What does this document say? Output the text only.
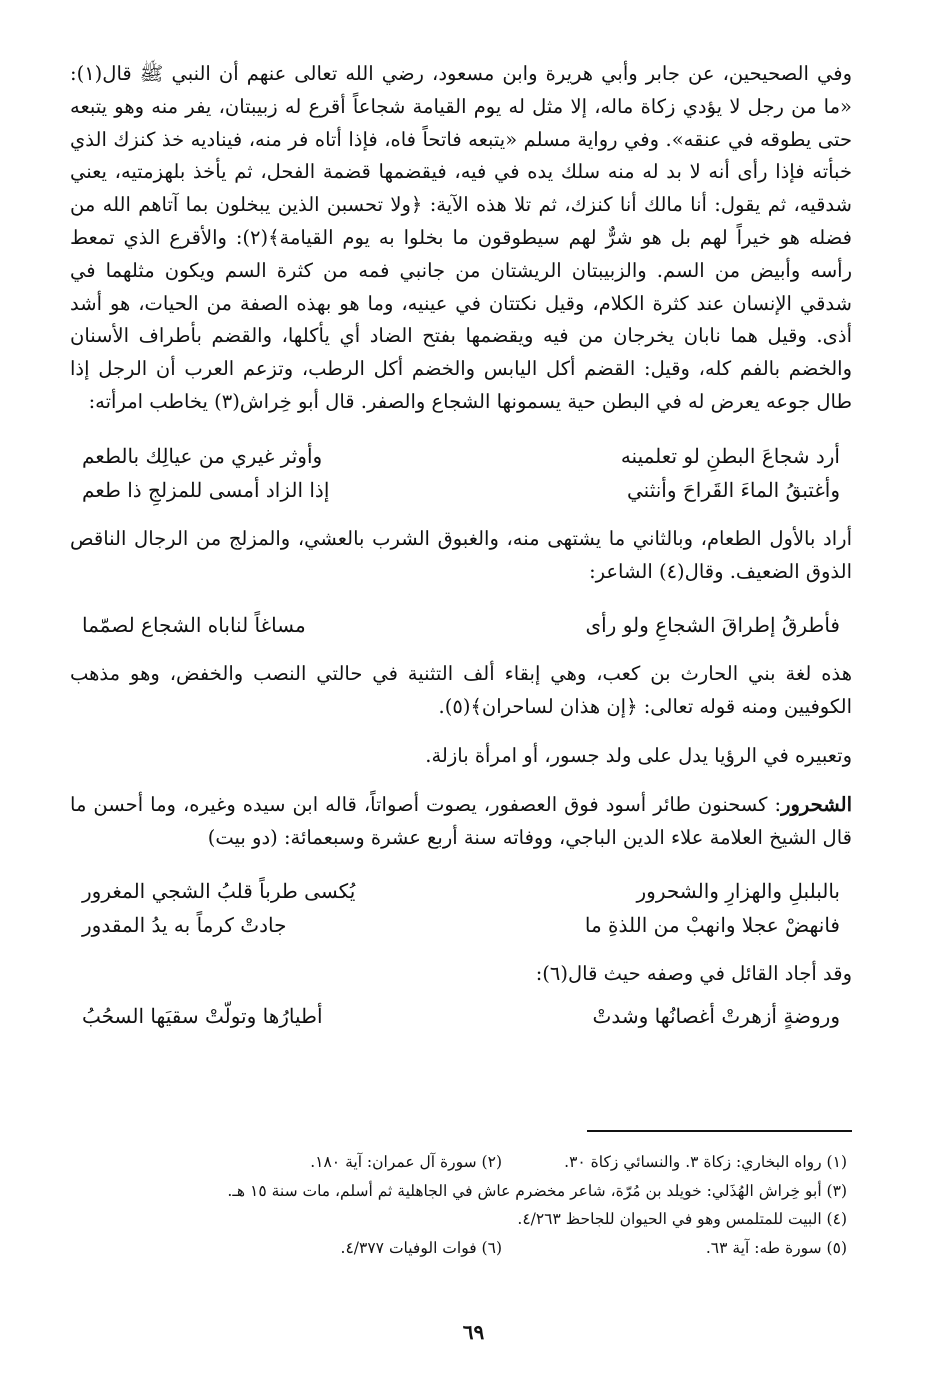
وفي الصحيحين، عن جابر وأبي هريرة وابن مسعود، رضي الله تعالى عنهم أن النبي ﷺ قال(١): «ما من رجل لا يؤدي زكاة ماله، إلا مثل له يوم القيامة شجاعاً أقرع له زبيبتان، يفر منه وهو يتبعه حتى يطوقه في عنقه». وفي رواية مسلم «يتبعه فاتحاً فاه، فإذا أتاه فر منه، فيناديه خذ كنزك الذي خبأته فإذا رأى أنه لا بد له منه سلك يده في فيه، فيقضمها قضمة الفحل، ثم يأخذ بلهزمتيه، يعني شدقيه، ثم يقول: أنا مالك أنا كنزك، ثم تلا هذه الآية: ﴿ولا تحسبن الذين يبخلون بما آتاهم الله من فضله هو خيراً لهم بل هو شرٌّ لهم سيطوقون ما بخلوا به يوم القيامة﴾(٢): والأقرع الذي تمعط رأسه وأبيض من السم. والزبيبتان الريشتان من جانبي فمه من كثرة السم ويكون مثلهما في شدقي الإنسان عند كثرة الكلام، وقيل نكتتان في عينيه، وما هو بهذه الصفة من الحيات، هو أشد أذى. وقيل هما نابان يخرجان من فيه ويقضمها بفتح الضاد أي يأكلها، والقضم بأطراف الأسنان والخضم بالفم كله، وقيل: القضم أكل اليابس والخضم أكل الرطب، وتزعم العرب أن الرجل إذا طال جوعه يعرض له في البطن حية يسمونها الشجاع والصفر. قال أبو خِراش(٣) يخاطب امرأته:

أرد شجاعَ البطنِ لو تعلمينه
وأوثر غيري من عيالِك بالطعم
وأغتبقُ الماءَ القَراحَ وأنثني
إذا الزاد أمسى للمزلجِ ذا طعم

أراد بالأول الطعام، وبالثاني ما يشتهى منه، والغبوق الشرب بالعشي، والمزلج من الرجال الناقص الذوق الضعيف. وقال(٤) الشاعر:

فأطرقُ إطراقَ الشجاعِ ولو رأى
مساغاً لناباه الشجاع لصمّما

هذه لغة بني الحارث بن كعب، وهي إبقاء ألف التثنية في حالتي النصب والخفض، وهو مذهب الكوفيين ومنه قوله تعالى: ﴿إن هذان لساحران﴾(٥).

وتعبيره في الرؤيا يدل على ولد جسور، أو امرأة بازلة.

الشحرور: كسحنون طائر أسود فوق العصفور، يصوت أصواتاً، قاله ابن سيده وغيره، وما أحسن ما قال الشيخ العلامة علاء الدين الباجي، ووفاته سنة أربع عشرة وسبعمائة: (دو بيت)

بالبلبلِ والهزارِ والشحرور
يُكسى طرباً قلبُ الشجي المغرور
فانهضْ عجلا وانهبْ من اللذةِ ما
جادتْ كرماً به يدُ المقدور

وقد أجاد القائل في وصفه حيث قال(٦):

وروضةٍ أزهرتْ أغصانُها وشدتْ
أطيارُها وتولّتْ سقيَها السحُبُ
(١) رواه البخاري: زكاة ٣. والنسائي زكاة ٣٠.
(٢) سورة آل عمران: آية ١٨٠.
(٣) أبو خِراش الهُذَلي: خويلد بن مُرّة، شاعر مخضرم عاش في الجاهلية ثم أسلم، مات سنة ١٥ هـ.
(٤) البيت للمتلمس وهو في الحيوان للجاحظ ٤/٢٦٣.
(٥) سورة طه: آية ٦٣.
(٦) فوات الوفيات ٤/٣٧٧.
٦٩
